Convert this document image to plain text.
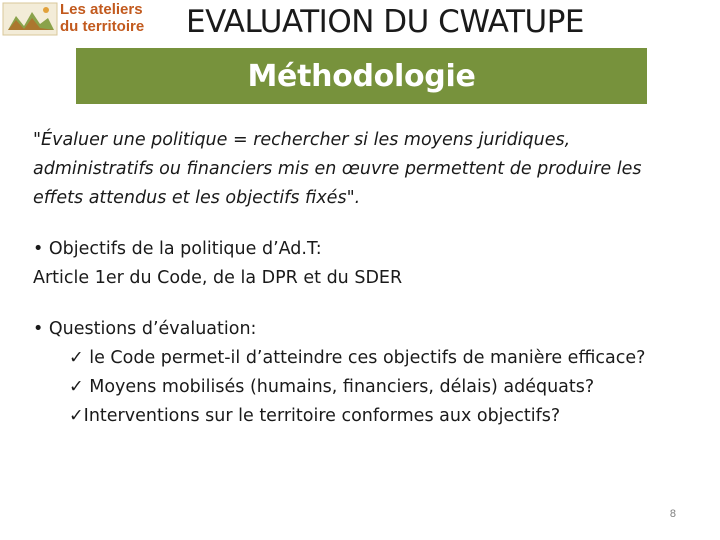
Les ateliers
du territoire	EVALUATION DU CWATUPE
Méthodologie
"Évaluer une politique = rechercher si les moyens juridiques, administratifs ou financiers mis en œuvre permettent de produire les effets attendus et les objectifs fixés".
• Objectifs de la politique d’Ad.T:
Article 1er du Code, de la DPR et du SDER
• Questions d’évaluation:
✓ le Code permet-il d’atteindre ces objectifs de manière efficace?
✓ Moyens mobilisés (humains, financiers, délais) adéquats?
✓Interventions sur le territoire conformes aux objectifs?
8
